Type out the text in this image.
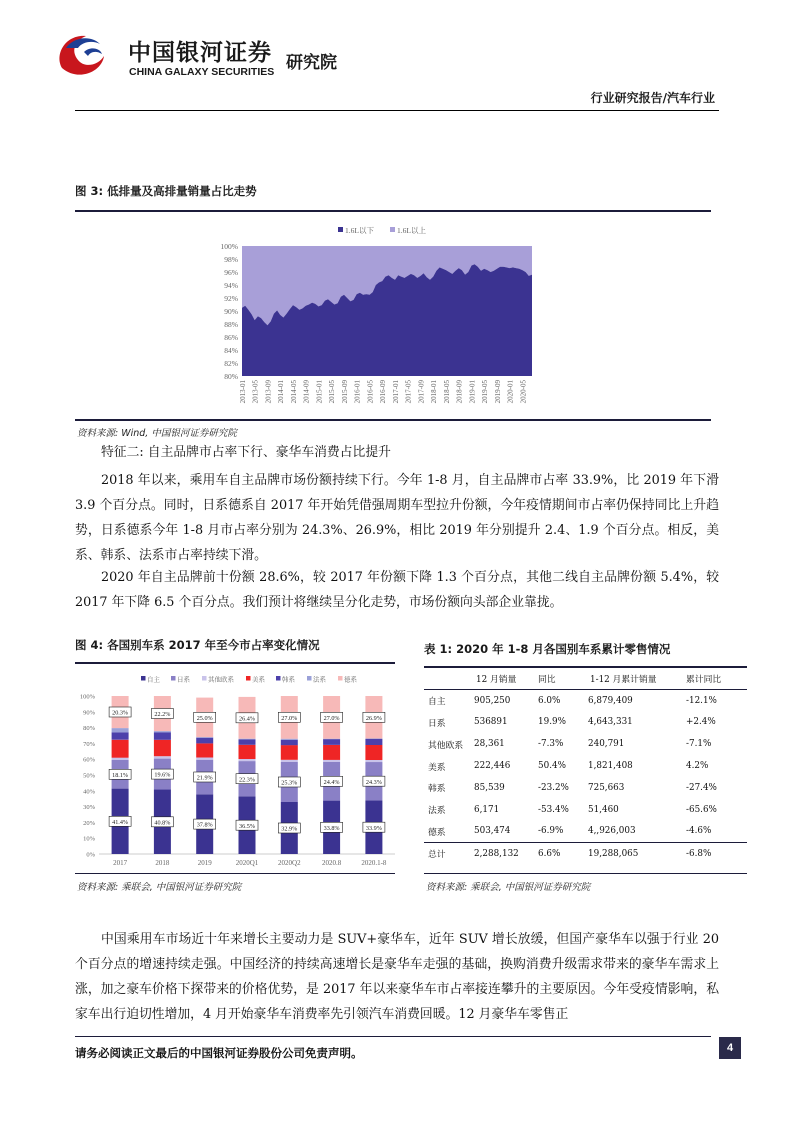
中国银河证券
CHINA GALAXY SECURITIES 研究院
行业研究报告/汽车行业
图 3: 低排量及高排量销量占比走势
80%
82%
84%
86%
88%
90%
92%
94%
96%
98%
100%
2013-01 2013-05 2013-09 2014-01 2014-05 2014-09 2015-01 2015-05 2015-09 2016-01 2016-05 2016-09 2017-01 2017-05 2017-09 2018-01 2018-05 2018-09 2019-01 2019-05 2019-09 2020-01 2020-05
1.6L以下	1.6L以上
资料来源: Wind, 中国银河证券研究院
特征二: 自主品牌市占率下行、豪华车消费占比提升
2018 年以来，乘用车自主品牌市场份额持续下行。今年 1-8 月，自主品牌市占率 33.9%，比 2019 年下滑 3.9 个百分点。同时，日系德系自 2017 年开始凭借强周期车型拉升份额，今年疫情期间市占率仍保持同比上升趋势，日系德系今年 1-8 月市占率分别为 24.3%、26.9%，相比 2019 年分别提升 2.4、1.9 个百分点。相反，美系、韩系、法系市占率持续下滑。
2020 年自主品牌前十份额 28.6%，较 2017 年份额下降 1.3 个百分点，其他二线自主品牌份额 5.4%，较 2017 年下降 6.5 个百分点。我们预计将继续呈分化走势，市场份额向头部企业靠拢。
图 4: 各国别车系 2017 年至今市占率变化情况
自主	日系	其他欧系	美系	韩系	法系	德系
0%
10%
20%
30%
40%
50%
60%
70%
80%
90%
100%
41.4%
18.1%
20.3%
2017
40.8%
19.6%
22.2%
2018
37.8%
21.9%
25.0%
2019
36.5%
22.3%
26.4%
2020Q1
32.9%
25.3%
27.0%
2020Q2
33.8%
24.4%
27.0%
2020.8
33.9%
24.3%
26.9%
2020.1-8
资料来源: 乘联会, 中国银河证券研究院
表 1: 2020 年 1-8 月各国别车系累计零售情况
	12 月销量	同比	1-12 月累计销量	累计同比
自主	905,250	6.0%	6,879,409	-12.1%
日系	536891	19.9%	4,643,331	+2.4%
其他欧系	28,361	-7.3%	240,791	-7.1%
美系	222,446	50.4%	1,821,408	4.2%
韩系	85,539	-23.2%	725,663	-27.4%
法系	6,171	-53.4%	51,460	-65.6%
德系	503,474	-6.9%	4,,926,003	-4.6%
总计	2,288,132	6.6%	19,288,065	-6.8%
资料来源: 乘联会, 中国银河证券研究院
中国乘用车市场近十年来增长主要动力是 SUV+豪华车，近年 SUV 增长放缓，但国产豪华车以强于行业 20 个百分点的增速持续走强。中国经济的持续高速增长是豪华车走强的基础，换购消费升级需求带来的豪华车需求上涨，加之豪车价格下探带来的价格优势，是 2017 年以来豪华车市占率接连攀升的主要原因。今年受疫情影响，私家车出行迫切性增加，4 月开始豪华车消费率先引领汽车消费回暖。12 月豪华车零售正
请务必阅读正文最后的中国银河证券股份公司免责声明。	4
